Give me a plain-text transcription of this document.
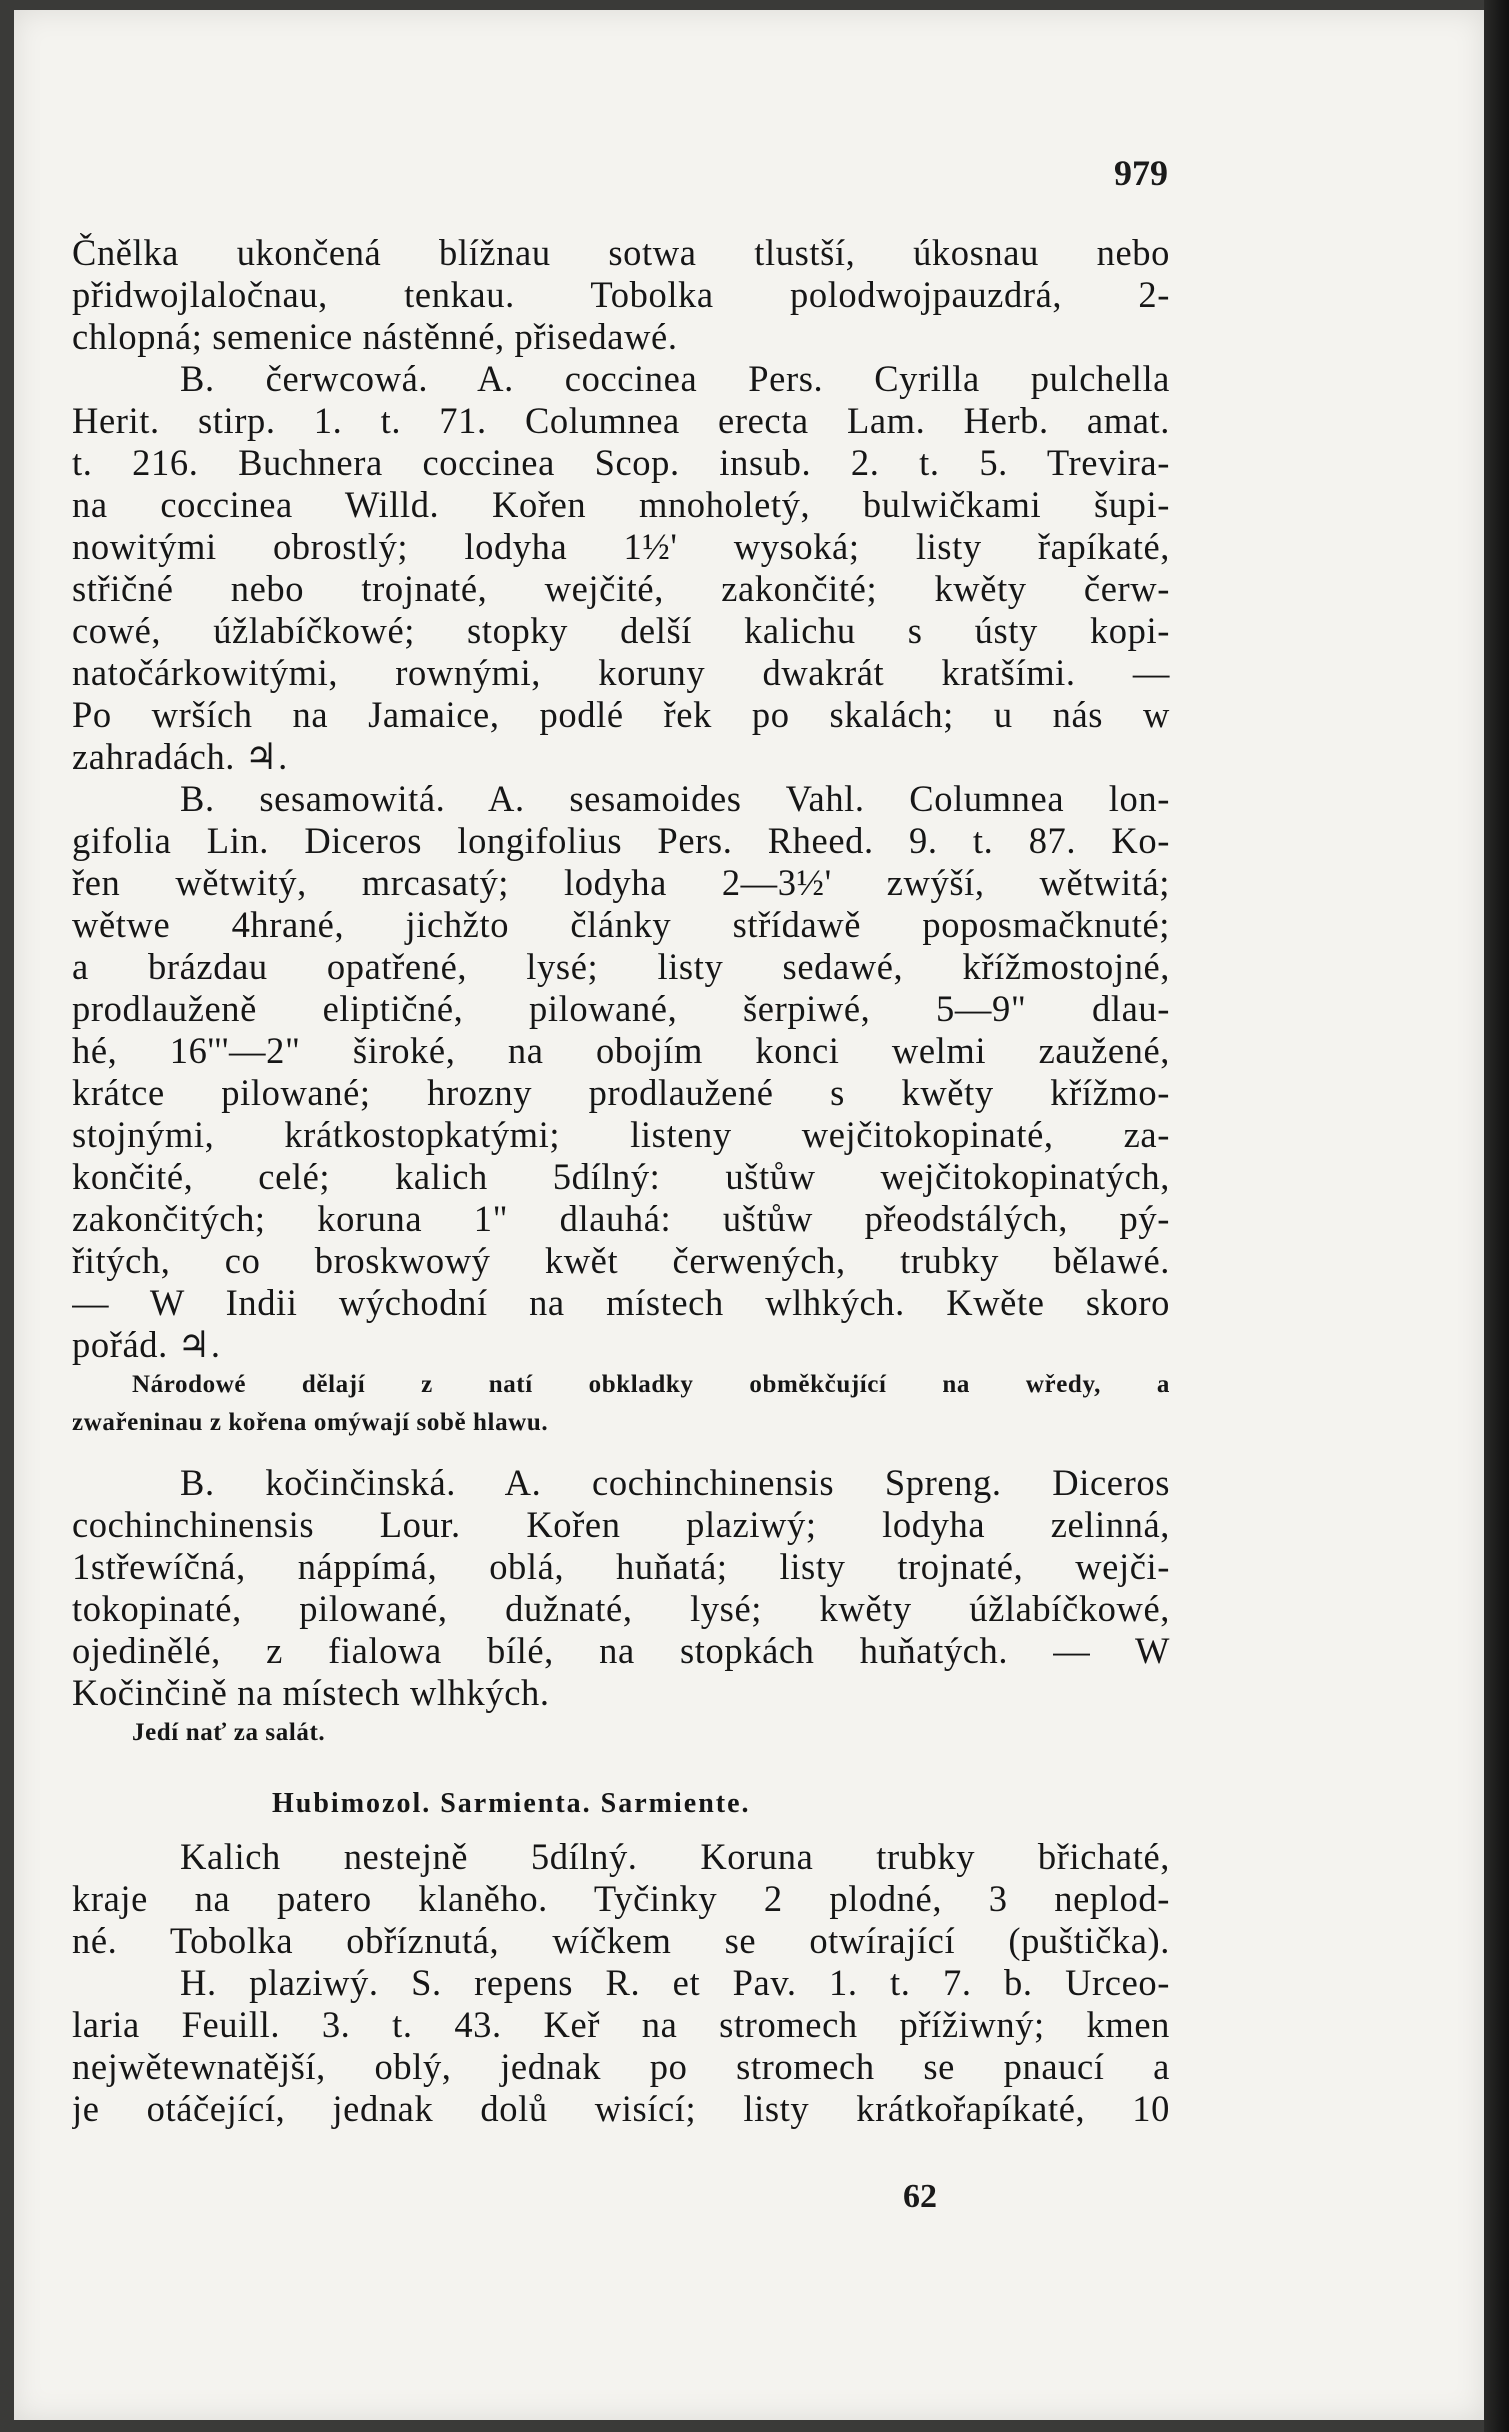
979
Čnělka ukončená blížnau sotwa tlustší, úkosnau nebo
přidwojlaločnau, tenkau. Tobolka polodwojpauzdrá, 2-
chlopná; semenice nástěnné, přisedawé.
B. čerwcowá. A. coccinea Pers. Cyrilla pulchella
Herit. stirp. 1. t. 71. Columnea erecta Lam. Herb. amat.
t. 216. Buchnera coccinea Scop. insub. 2. t. 5. Trevira-
na coccinea Willd. Kořen mnoholetý, bulwičkami šupi-
nowitými obrostlý; lodyha 1½' wysoká; listy řapíkaté,
střičné nebo trojnaté, wejčité, zakončité; kwěty čerw-
cowé, úžlabíčkowé; stopky delší kalichu s ústy kopi-
natočárkowitými, rownými, koruny dwakrát kratšími. —
Po wrších na Jamaice, podlé řek po skalách; u nás w
zahradách. ♃.
B. sesamowitá. A. sesamoides Vahl. Columnea lon-
gifolia Lin. Diceros longifolius Pers. Rheed. 9. t. 87. Ko-
řen wětwitý, mrcasatý; lodyha 2—3½' zwýší, wětwitá;
wětwe 4hrané, jichžto články střídawě poposmačknuté;
a brázdau opatřené, lysé; listy sedawé, křížmostojné,
prodlauženě eliptičné, pilowané, šerpiwé, 5—9" dlau-
hé, 16'''—2" široké, na obojím konci welmi zaužené,
krátce pilowané; hrozny prodlaužené s kwěty křížmo-
stojnými, krátkostopkatými; listeny wejčitokopinaté, za-
končité, celé; kalich 5dílný: uštůw wejčitokopinatých,
zakončitých; koruna 1" dlauhá: uštůw přeodstálých, pý-
řitých, co broskwowý kwět čerwených, trubky bělawé.
— W Indii wýchodní na místech wlhkých. Kwěte skoro
pořád. ♃.
Národowé dělají z natí obkladky obměkčující na wředy, a
zwařeninau z kořena omýwají sobě hlawu.
B. kočinčinská. A. cochinchinensis Spreng. Diceros
cochinchinensis Lour. Kořen plaziwý; lodyha zelinná,
1střewíčná, náppímá, oblá, huňatá; listy trojnaté, wejči-
tokopinaté, pilowané, dužnaté, lysé; kwěty úžlabíčkowé,
ojedinělé, z fialowa bílé, na stopkách huňatých. — W
Kočinčině na místech wlhkých.
Jedí nať za salát.
Hubimozol. Sarmienta. Sarmiente.
Kalich nestejně 5dílný. Koruna trubky břichaté,
kraje na patero klaněho. Tyčinky 2 plodné, 3 neplod-
né. Tobolka obříznutá, wíčkem se otwírající (puštička).
H. plaziwý. S. repens R. et Pav. 1. t. 7. b. Urceo-
laria Feuill. 3. t. 43. Keř na stromech přížiwný; kmen
nejwětewnatější, oblý, jednak po stromech se pnaucí a
je otáčející, jednak dolů wisící; listy krátkořapíkaté, 10
62
